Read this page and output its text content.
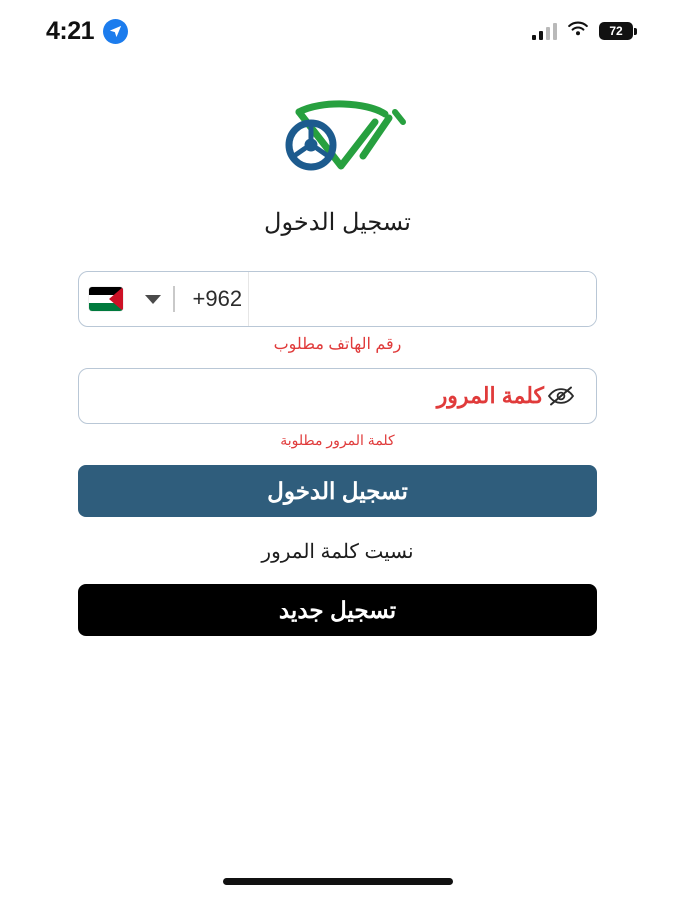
4:21	72
تسجيل الدخول
+962
رقم الهاتف مطلوب
كلمة المرور
كلمة المرور مطلوبة
تسجيل الدخول
نسيت كلمة المرور
تسجيل جديد
